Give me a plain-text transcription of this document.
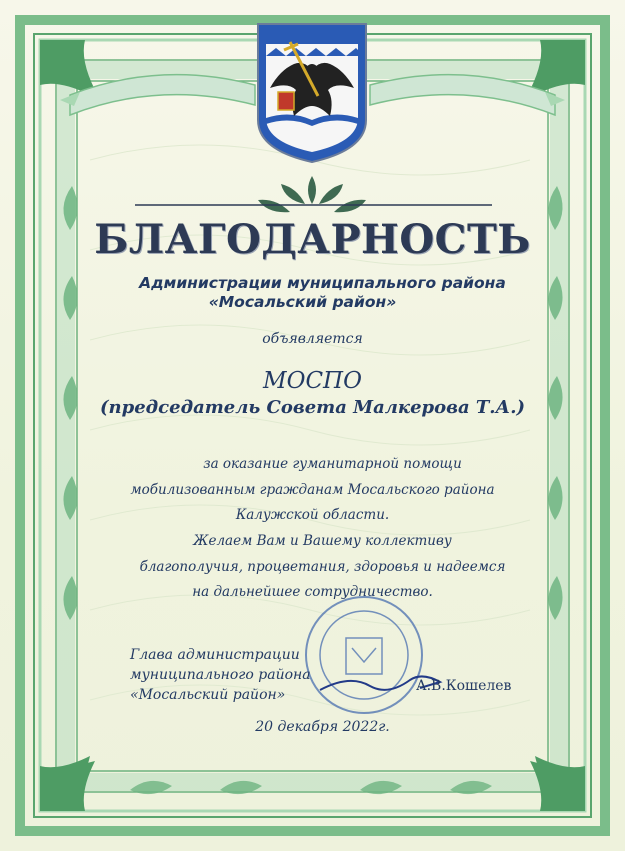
БЛАГОДАРНОСТЬ
Администрации муниципального района
«Мосальский район»
объявляется
МОСПО
(председатель Совета Малкерова Т.А.)
за оказание гуманитарной помощи
мобилизованным гражданам Мосальского района
Калужской области.
Желаем Вам и Вашему коллективу
благополучия, процветания, здоровья и надеемся
на дальнейшее сотрудничество.
Глава администрации
муниципального района
«Мосальский район»
А.В.Кошелев
20 декабря 2022г.
